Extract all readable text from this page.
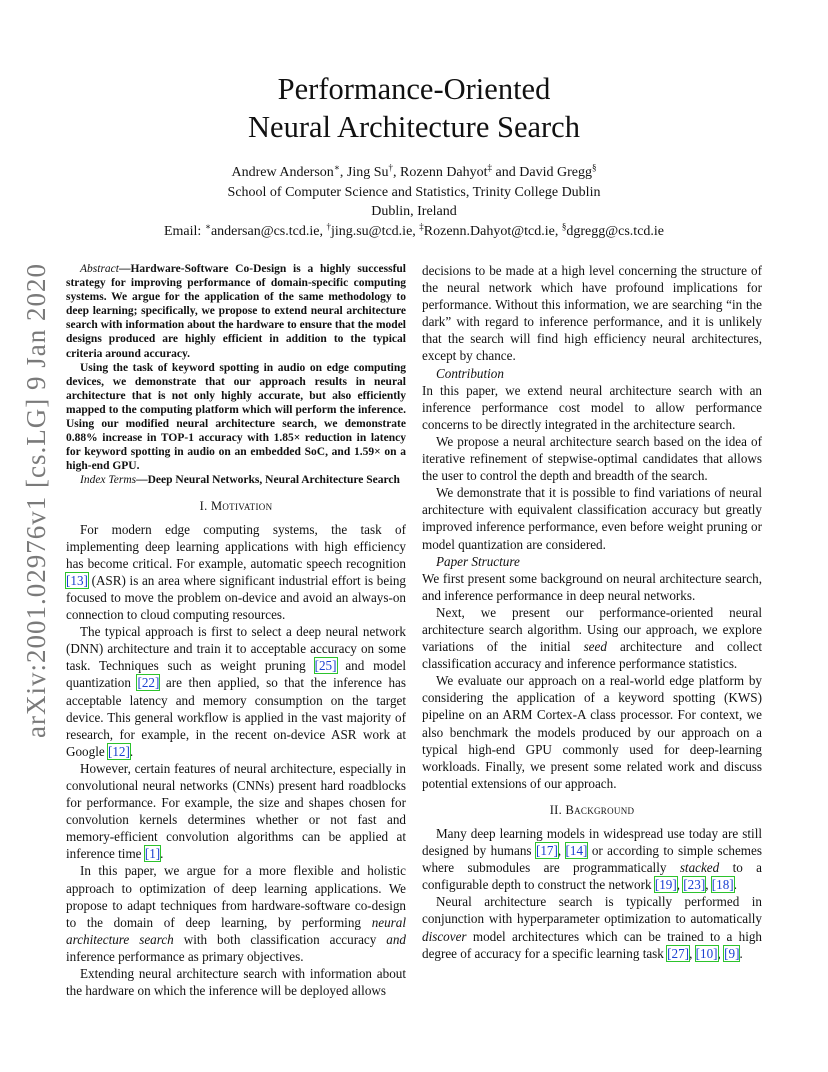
arXiv:2001.02976v1 [cs.LG] 9 Jan 2020
Performance-Oriented
Neural Architecture Search
Andrew Anderson∗, Jing Su†, Rozenn Dahyot‡ and David Gregg§
School of Computer Science and Statistics, Trinity College Dublin
Dublin, Ireland
Email: ∗andersan@cs.tcd.ie, †jing.su@tcd.ie, ‡Rozenn.Dahyot@tcd.ie, §dgregg@cs.tcd.ie

Abstract—Hardware-Software Co-Design is a highly successful strategy for improving performance of domain-specific computing systems. We argue for the application of the same methodology to deep learning; specifically, we propose to extend neural architecture search with information about the hardware to ensure that the model designs produced are highly efficient in addition to the typical criteria around accuracy.

Using the task of keyword spotting in audio on edge computing devices, we demonstrate that our approach results in neural architecture that is not only highly accurate, but also efficiently mapped to the computing platform which will perform the inference. Using our modified neural architecture search, we demonstrate 0.88% increase in TOP-1 accuracy with 1.85× reduction in latency for keyword spotting in audio on an embedded SoC, and 1.59× on a high-end GPU.

Index Terms—Deep Neural Networks, Neural Architecture Search

I. Motivation

For modern edge computing systems, the task of implementing deep learning applications with high efficiency has become critical. For example, automatic speech recognition [13] (ASR) is an area where significant industrial effort is being focused to move the problem on-device and avoid an always-on connection to cloud computing resources.

The typical approach is first to select a deep neural network (DNN) architecture and train it to acceptable accuracy on some task. Techniques such as weight pruning [25] and model quantization [22] are then applied, so that the inference has acceptable latency and memory consumption on the target device. This general workflow is applied in the vast majority of research, for example, in the recent on-device ASR work at Google [12].

However, certain features of neural architecture, especially in convolutional neural networks (CNNs) present hard roadblocks for performance. For example, the size and shapes chosen for convolution kernels determines whether or not fast and memory-efficient convolution algorithms can be applied at inference time [1].

In this paper, we argue for a more flexible and holistic approach to optimization of deep learning applications. We propose to adapt techniques from hardware-software co-design to the domain of deep learning, by performing neural architecture search with both classification accuracy and inference performance as primary objectives.

Extending neural architecture search with information about the hardware on which the inference will be deployed allows

decisions to be made at a high level concerning the structure of the neural network which have profound implications for performance. Without this information, we are searching “in the dark” with regard to inference performance, and it is unlikely that the search will find high efficiency neural architectures, except by chance.

Contribution

In this paper, we extend neural architecture search with an inference performance cost model to allow performance concerns to be directly integrated in the architecture search.

We propose a neural architecture search based on the idea of iterative refinement of stepwise-optimal candidates that allows the user to control the depth and breadth of the search.

We demonstrate that it is possible to find variations of neural architecture with equivalent classification accuracy but greatly improved inference performance, even before weight pruning or model quantization are considered.

Paper Structure

We first present some background on neural architecture search, and inference performance in deep neural networks.

Next, we present our performance-oriented neural architecture search algorithm. Using our approach, we explore variations of the initial seed architecture and collect classification accuracy and inference performance statistics.

We evaluate our approach on a real-world edge platform by considering the application of a keyword spotting (KWS) pipeline on an ARM Cortex-A class processor. For context, we also benchmark the models produced by our approach on a typical high-end GPU commonly used for deep-learning workloads. Finally, we present some related work and discuss potential extensions of our approach.

II. Background

Many deep learning models in widespread use today are still designed by humans [17], [14] or according to simple schemes where submodules are programmatically stacked to a configurable depth to construct the network [19], [23], [18].

Neural architecture search is typically performed in conjunction with hyperparameter optimization to automatically discover model architectures which can be trained to a high degree of accuracy for a specific learning task [27], [10], [9].
